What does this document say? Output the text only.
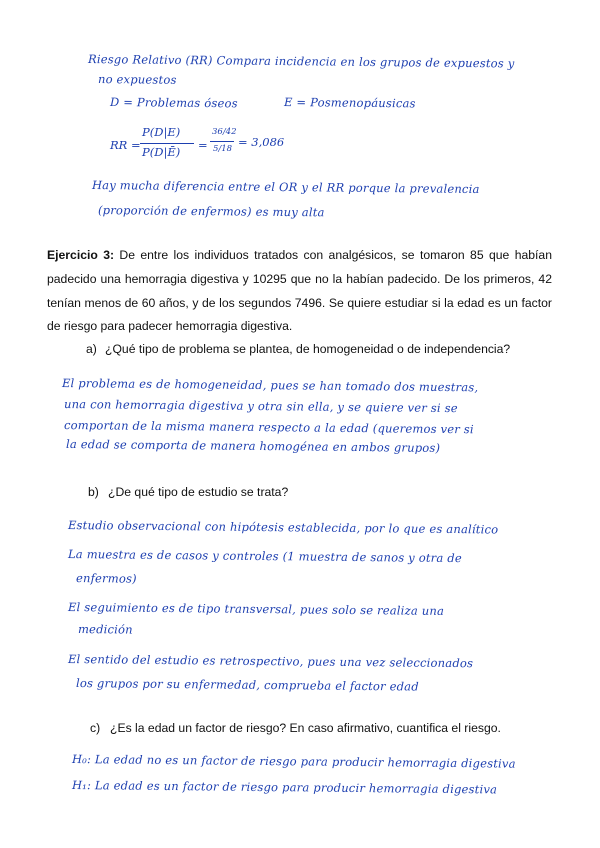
Riesgo Relativo (RR) Compara incidencia en los grupos de expuestos y
no expuestos
D = Problemas óseos	E = Posmenopáusicas
RR =
P(D|E)
P(D|Ē) =
36/42
5/18 = 3,086
Hay mucha diferencia entre el OR y el RR porque la prevalencia
(proporción de enfermos) es muy alta
Ejercicio 3: De entre los individuos tratados con analgésicos, se tomaron 85 que habían padecido una hemorragia digestiva y 10295 que no la habían padecido. De los primeros, 42 tenían menos de 60 años, y de los segundos 7496. Se quiere estudiar si la edad es un factor de riesgo para padecer hemorragia digestiva.
a) ¿Qué tipo de problema se plantea, de homogeneidad o de independencia?
El problema es de homogeneidad, pues se han tomado dos muestras,
una con hemorragia digestiva y otra sin ella, y se quiere ver si se
comportan de la misma manera respecto a la edad (queremos ver si
la edad se comporta de manera homogénea en ambos grupos)
b) ¿De qué tipo de estudio se trata?
Estudio observacional con hipótesis establecida, por lo que es analítico
La muestra es de casos y controles (1 muestra de sanos y otra de
enfermos)
El seguimiento es de tipo transversal, pues solo se realiza una
medición
El sentido del estudio es retrospectivo, pues una vez seleccionados
los grupos por su enfermedad, comprueba el factor edad
c) ¿Es la edad un factor de riesgo? En caso afirmativo, cuantifica el riesgo.
H₀: La edad no es un factor de riesgo para producir hemorragia digestiva
H₁: La edad es un factor de riesgo para producir hemorragia digestiva
